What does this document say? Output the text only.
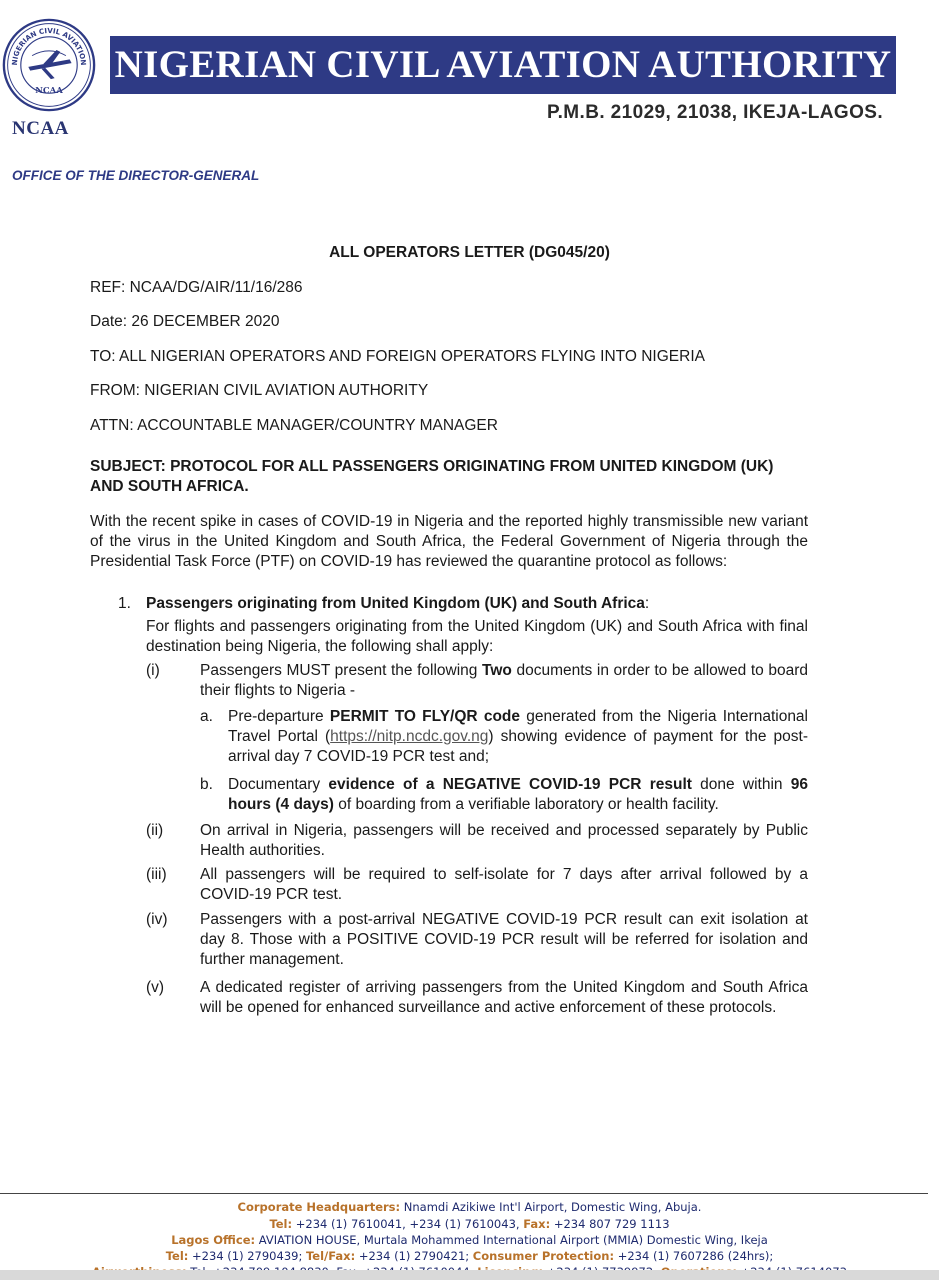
NIGERIAN CIVIL AVIATION
NCAA
NCAA
NIGERIAN CIVIL AVIATION AUTHORITY
P.M.B. 21029, 21038, IKEJA-LAGOS.
OFFICE OF THE DIRECTOR-GENERAL
ALL OPERATORS LETTER (DG045/20)
REF: NCAA/DG/AIR/11/16/286
Date: 26 DECEMBER 2020
TO: ALL NIGERIAN OPERATORS AND FOREIGN OPERATORS FLYING INTO NIGERIA
FROM: NIGERIAN CIVIL AVIATION AUTHORITY
ATTN: ACCOUNTABLE MANAGER/COUNTRY MANAGER
SUBJECT: PROTOCOL FOR ALL PASSENGERS ORIGINATING FROM UNITED KINGDOM (UK) AND SOUTH AFRICA.
With the recent spike in cases of COVID-19 in Nigeria and the reported highly transmissible new variant of the virus in the United Kingdom and South Africa, the Federal Government of Nigeria through the Presidential Task Force (PTF) on COVID-19 has reviewed the quarantine protocol as follows:
1. Passengers originating from United Kingdom (UK) and South Africa:
For flights and passengers originating from the United Kingdom (UK) and South Africa with final destination being Nigeria, the following shall apply:
(i)	Passengers MUST present the following Two documents in order to be allowed to board their flights to Nigeria -
a. Pre-departure PERMIT TO FLY/QR code generated from the Nigeria International Travel Portal (https://nitp.ncdc.gov.ng) showing evidence of payment for the post-arrival day 7 COVID-19 PCR test and;
b. Documentary evidence of a NEGATIVE COVID-19 PCR result done within 96 hours (4 days) of boarding from a verifiable laboratory or health facility.
(ii) On arrival in Nigeria, passengers will be received and processed separately by Public Health authorities.
(iii) All passengers will be required to self-isolate for 7 days after arrival followed by a COVID-19 PCR test.
(iv) Passengers with a post-arrival NEGATIVE COVID-19 PCR result can exit isolation at day 8. Those with a POSITIVE COVID-19 PCR result will be referred for isolation and further management.
(v) A dedicated register of arriving passengers from the United Kingdom and South Africa will be opened for enhanced surveillance and active enforcement of these protocols.
Corporate Headquarters: Nnamdi Azikiwe Int'l Airport, Domestic Wing, Abuja.
Tel: +234 (1) 7610041, +234 (1) 7610043, Fax: +234 807 729 1113
Lagos Office: AVIATION HOUSE, Murtala Mohammed International Airport (MMIA) Domestic Wing, Ikeja
Tel: +234 (1) 2790439; Tel/Fax: +234 (1) 2790421; Consumer Protection: +234 (1) 7607286 (24hrs);
